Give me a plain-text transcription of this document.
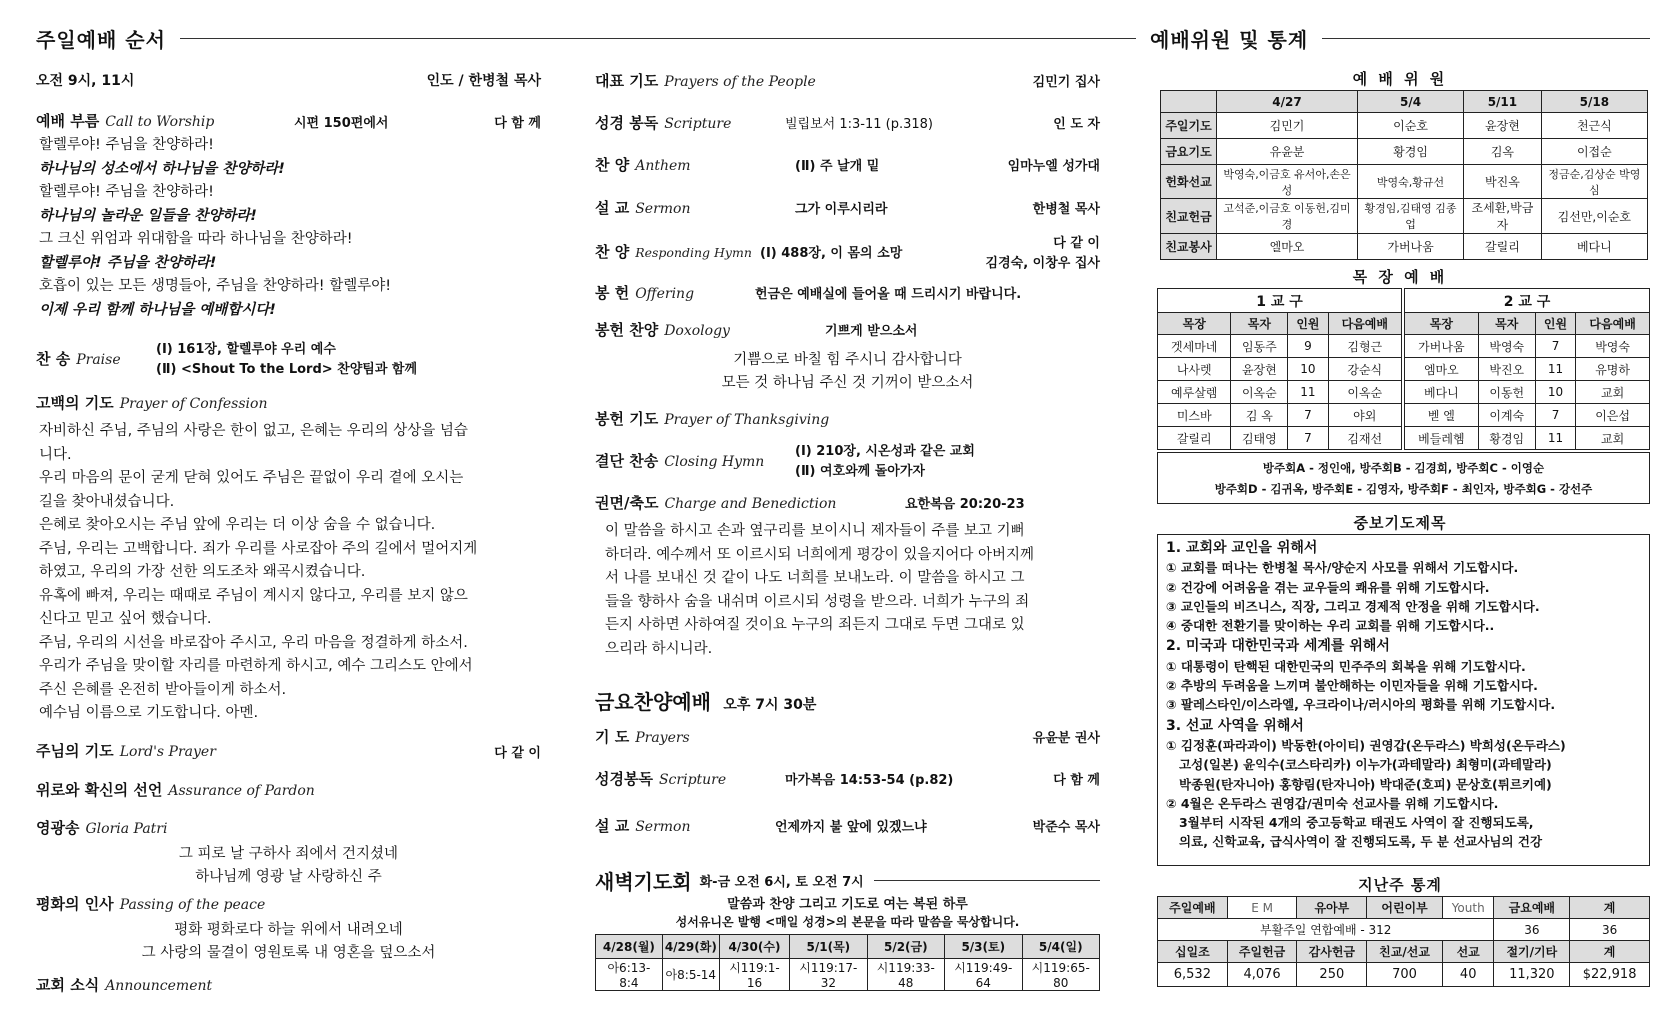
주일예배 순서
오전 9시, 11시	인도 / 한병철 목사
예배 부름 Call to Worship	시편 150편에서	다 함 께
할렐루야! 주님을 찬양하라!
하나님의 성소에서 하나님을 찬양하라!
할렐루야! 주님을 찬양하라!
하나님의 놀라운 일들을 찬양하라!
그 크신 위엄과 위대함을 따라 하나님을 찬양하라!
할렐루야! 주님을 찬양하라!
호흡이 있는 모든 생명들아, 주님을 찬양하라! 할렐루야!
이제 우리 함께 하나님을 예배합시다!
찬 송 Praise
(Ⅰ) 161장, 할렐루야 우리 예수
(Ⅱ) <Shout To the Lord> 찬양팀과 함께
고백의 기도 Prayer of Confession
자비하신 주님, 주님의 사랑은 한이 없고, 은혜는 우리의 상상을 넘습
니다.
우리 마음의 문이 굳게 닫혀 있어도 주님은 끝없이 우리 곁에 오시는
길을 찾아내셨습니다.
은혜로 찾아오시는 주님 앞에 우리는 더 이상 숨을 수 없습니다.
주님, 우리는 고백합니다. 죄가 우리를 사로잡아 주의 길에서 멀어지게
하였고, 우리의 가장 선한 의도조차 왜곡시켰습니다.
유혹에 빠져, 우리는 때때로 주님이 계시지 않다고, 우리를 보지 않으
신다고 믿고 싶어 했습니다.
주님, 우리의 시선을 바로잡아 주시고, 우리 마음을 정결하게 하소서.
우리가 주님을 맞이할 자리를 마련하게 하시고, 예수 그리스도 안에서
주신 은혜를 온전히 받아들이게 하소서.
예수님 이름으로 기도합니다. 아멘.
주님의 기도 Lord's Prayer	다 같 이
위로와 확신의 선언 Assurance of Pardon
영광송 Gloria Patri
그 피로 날 구하사 죄에서 건지셨네
하나님께 영광 날 사랑하신 주
평화의 인사 Passing of the peace
평화 평화로다 하늘 위에서 내려오네
그 사랑의 물결이 영원토록 내 영혼을 덮으소서
교회 소식 Announcement
대표 기도 Prayers of the People	김민기 집사
성경 봉독 Scripture	빌립보서 1:3-11 (p.318)	인 도 자
찬 양 Anthem	(Ⅱ) 주 날개 밑	임마누엘 성가대
설 교 Sermon	그가 이루시리라	한병철 목사
찬 양 Responding Hymn (Ⅰ) 488장, 이 몸의 소망
다 같 이
김경숙, 이창우 집사
봉 헌 Offering	헌금은 예배실에 들어올 때 드리시기 바랍니다.
봉헌 찬양 Doxology	기쁘게 받으소서
기쁨으로 바칠 힘 주시니 감사합니다
모든 것 하나님 주신 것 기꺼이 받으소서
봉헌 기도 Prayer of Thanksgiving
결단 찬송 Closing Hymn
(Ⅰ) 210장, 시온성과 같은 교회
(Ⅱ) 여호와께 돌아가자
권면/축도 Charge and Benediction	요한복음 20:20-23
이 말씀을 하시고 손과 옆구리를 보이시니 제자들이 주를 보고 기뻐
하더라. 예수께서 또 이르시되 너희에게 평강이 있을지어다 아버지께
서 나를 보내신 것 같이 나도 너희를 보내노라. 이 말씀을 하시고 그
들을 향하사 숨을 내쉬며 이르시되 성령을 받으라. 너희가 누구의 죄
든지 사하면 사하여질 것이요 누구의 죄든지 그대로 두면 그대로 있
으리라 하시니라.
금요찬양예배 오후 7시 30분
기 도 Prayers	유윤분 권사
성경봉독 Scripture	마가복음 14:53-54 (p.82)	다 함 께
설 교 Sermon	언제까지 불 앞에 있겠느냐	박준수 목사
새벽기도회 화-금 오전 6시, 토 오전 7시
말씀과 찬양 그리고 기도로 여는 복된 하루
성서유니온 발행 <매일 성경>의 본문을 따라 말씀을 묵상합니다.
4/28(월)	4/29(화)	4/30(수)	5/1(목)	5/2(금)	5/3(토)	5/4(일)
아6:13-8:4	아8:5-14	시119:1-16	시119:17-32	시119:33-48	시119:49-64	시119:65-80
예배위원 및 통계
예 배 위 원
	4/27	5/4	5/11	5/18
주일기도	김민기	이순호	윤장현	천근식
금요기도	유윤분	황경임	김옥	이접순
헌화선교	박영숙,이금호 유서아,손은성	박영숙,황규선	박진옥	정금순,김상순 박영심
친교헌금	고석준,이금호 이동헌,김미경	황경임,김태영 김종업	조세환,박금자	김선만,이순호
친교봉사	엘마오	가버나움	갈릴리	베다니
목 장 예 배
1 교 구			
목장	목자	인원	다음예배
겟세마네	임동주	9	김형근
나사렛	윤장현	10	강순식
예루살렘	이옥순	11	이옥순
미스바	김 옥	7	야외
갈릴리	김태영	7	김재선
2 교 구			
목장	목자	인원	다음예배
가버나움	박영숙	7	박영숙
엠마오	박진오	11	유명하
베다니	이동헌	10	교회
벧 엘	이계숙	7	이은섭
베들레헴	황경임	11	교회
방주회A - 정인애, 방주회B - 김경희, 방주회C - 이영순
방주회D - 김귀옥, 방주회E - 김영자, 방주회F - 최인자, 방주회G - 강선주
중보기도제목
1. 교회와 교인을 위해서
① 교회를 떠나는 한병철 목사/양순지 사모를 위해서 기도합시다.
② 건강에 어려움을 겪는 교우들의 쾌유를 위해 기도합시다.
③ 교인들의 비즈니스, 직장, 그리고 경제적 안정을 위해 기도합시다.
④ 중대한 전환기를 맞이하는 우리 교회를 위해 기도합시다..
2. 미국과 대한민국과 세계를 위해서
① 대통령이 탄핵된 대한민국의 민주주의 회복을 위해 기도합시다.
② 추방의 두려움을 느끼며 불안해하는 이민자들을 위해 기도합시다.
③ 팔레스타인/이스라엘, 우크라이나/러시아의 평화를 위해 기도합시다.
3. 선교 사역을 위해서
① 김정훈(파라과이) 박동한(아이티) 권영갑(온두라스) 박희성(온두라스)
고성(일본) 윤익수(코스타리카) 이누가(과테말라) 최형미(과테말라)
박종원(탄자니아) 홍향림(탄자니아) 박대준(호피) 문상호(튀르키예)
② 4월은 온두라스 권영갑/권미숙 선교사를 위해 기도합시다.
3월부터 시작된 4개의 중고등학교 태권도 사역이 잘 진행되도록,
의료, 신학교육, 급식사역이 잘 진행되도록, 두 분 선교사님의 건강
지난주 통계
주일예배	E M	유아부	어린이부	Youth	금요예배	계
부활주일 연합예배 - 312					36	36
십일조	주일헌금	감사헌금	친교/선교	선교	절기/기타	계
6,532	4,076	250	700	40	11,320	$22,918
